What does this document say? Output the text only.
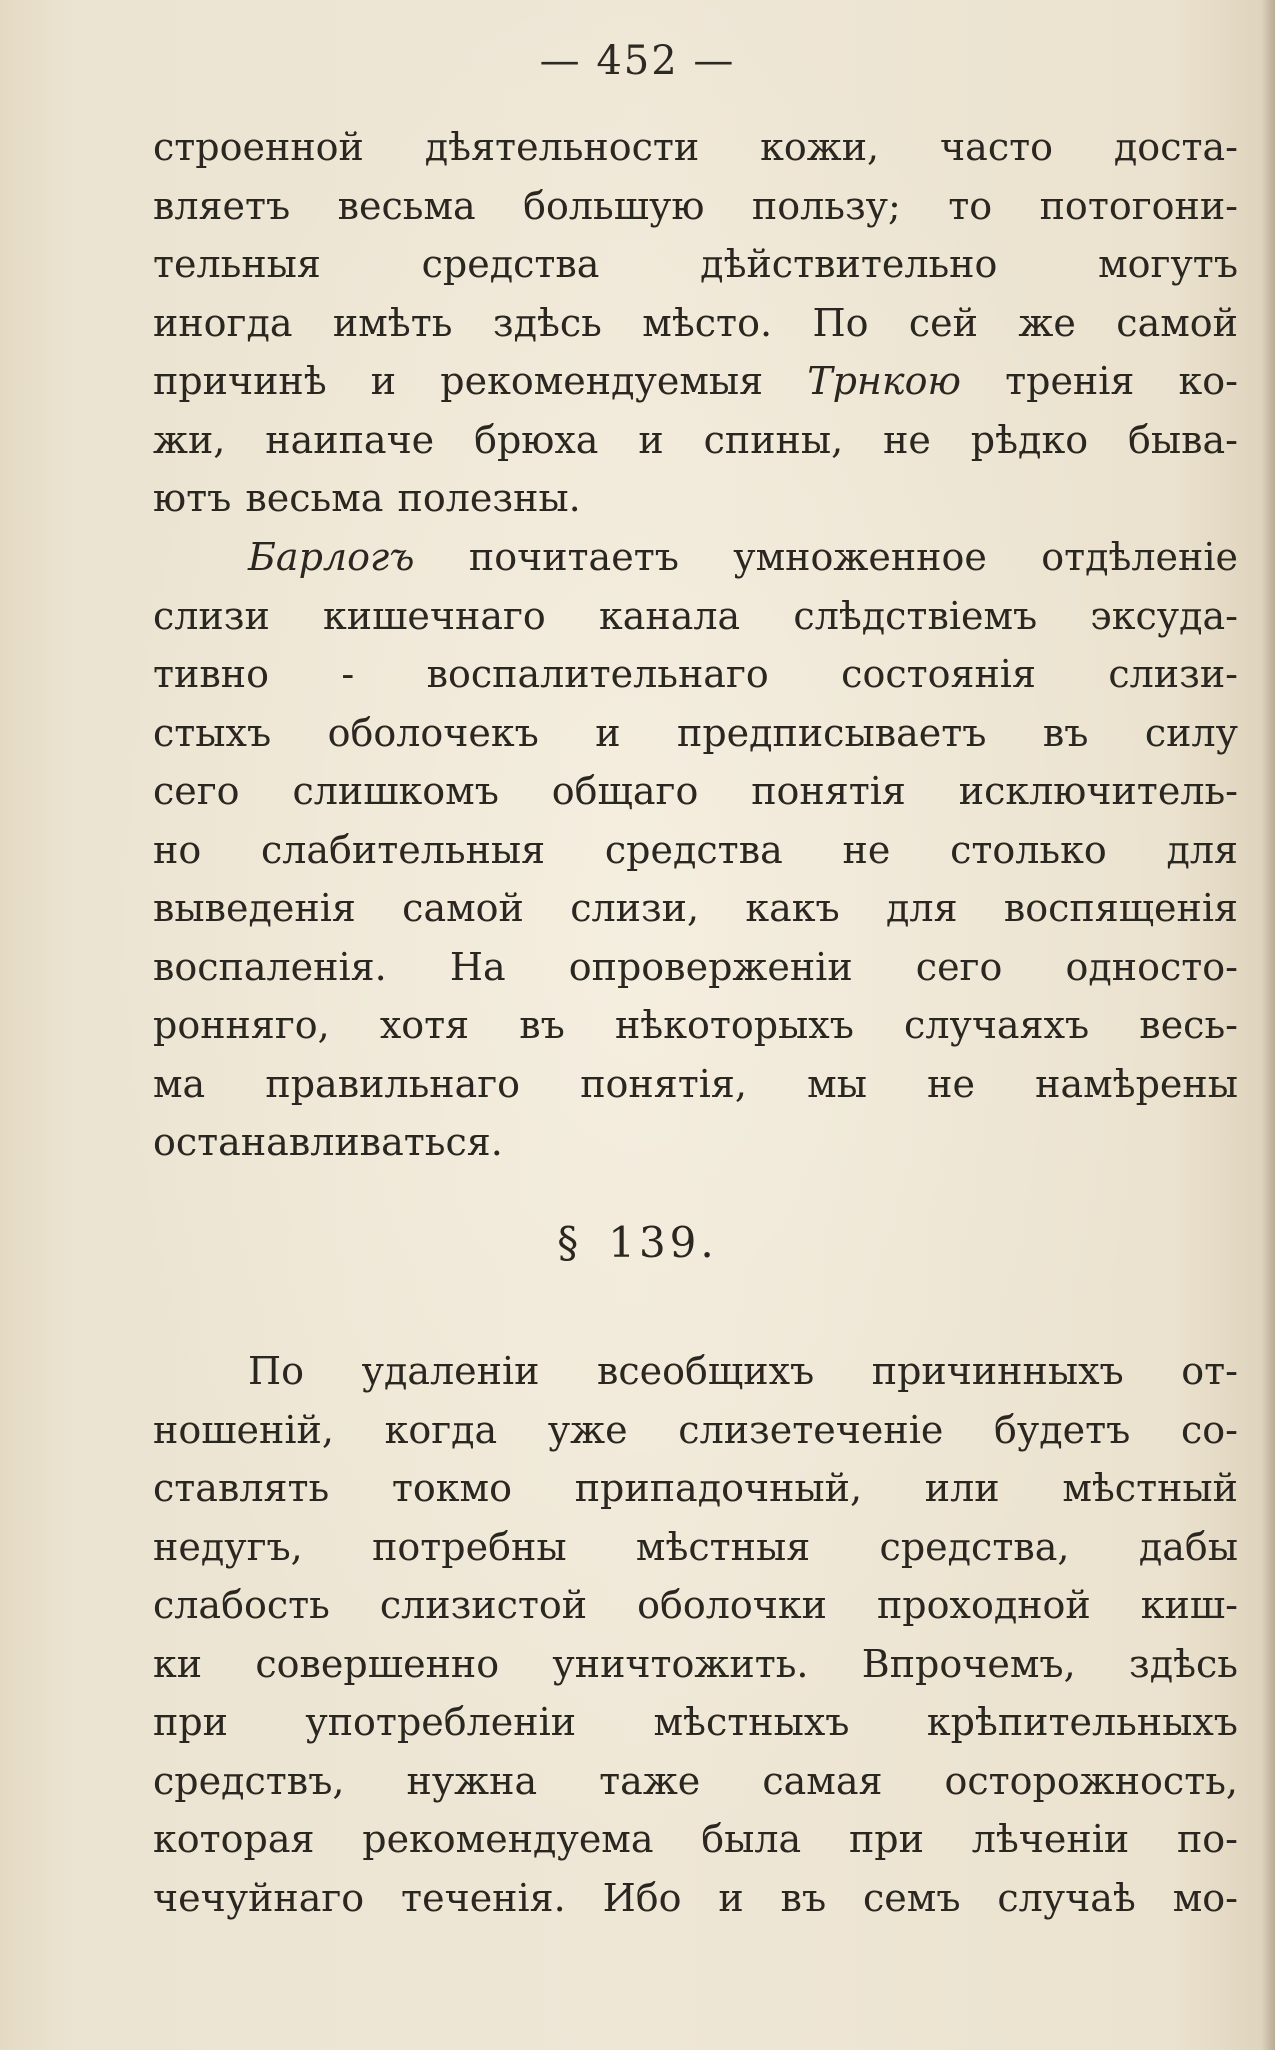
— 452 —
строенной дѣятельности кожи, часто доста-
вляетъ весьма большую пользу; то потогони-
тельныя средства дѣйствительно могутъ
иногда имѣть здѣсь мѣсто. По сей же самой
причинѣ и рекомендуемыя Трнкою тренія ко-
жи, наипаче брюха и спины, не рѣдко быва-
ютъ весьма полезны.
Барлогъ почитаетъ умноженное отдѣленіе
слизи кишечнаго канала слѣдствіемъ эксуда-
тивно - воспалительнаго состоянія слизи-
стыхъ оболочекъ и предписываетъ въ силу
сего слишкомъ общаго понятія исключитель-
но слабительныя средства не столько для
выведенія самой слизи, какъ для воспященія
воспаленія. На опроверженіи сего односто-
ронняго, хотя въ нѣкоторыхъ случаяхъ весь-
ма правильнаго понятія, мы не намѣрены
останавливаться.
§ 139.
По удаленіи всеобщихъ причинныхъ от-
ношеній, когда уже слизетеченіе будетъ со-
ставлять токмо припадочный, или мѣстный
недугъ, потребны мѣстныя средства, дабы
слабость слизистой оболочки проходной киш-
ки совершенно уничтожить. Впрочемъ, здѣсь
при употребленіи мѣстныхъ крѣпительныхъ
средствъ, нужна таже самая осторожность,
которая рекомендуема была при лѣченіи по-
чечуйнаго теченія. Ибо и въ семъ случаѣ мо-
